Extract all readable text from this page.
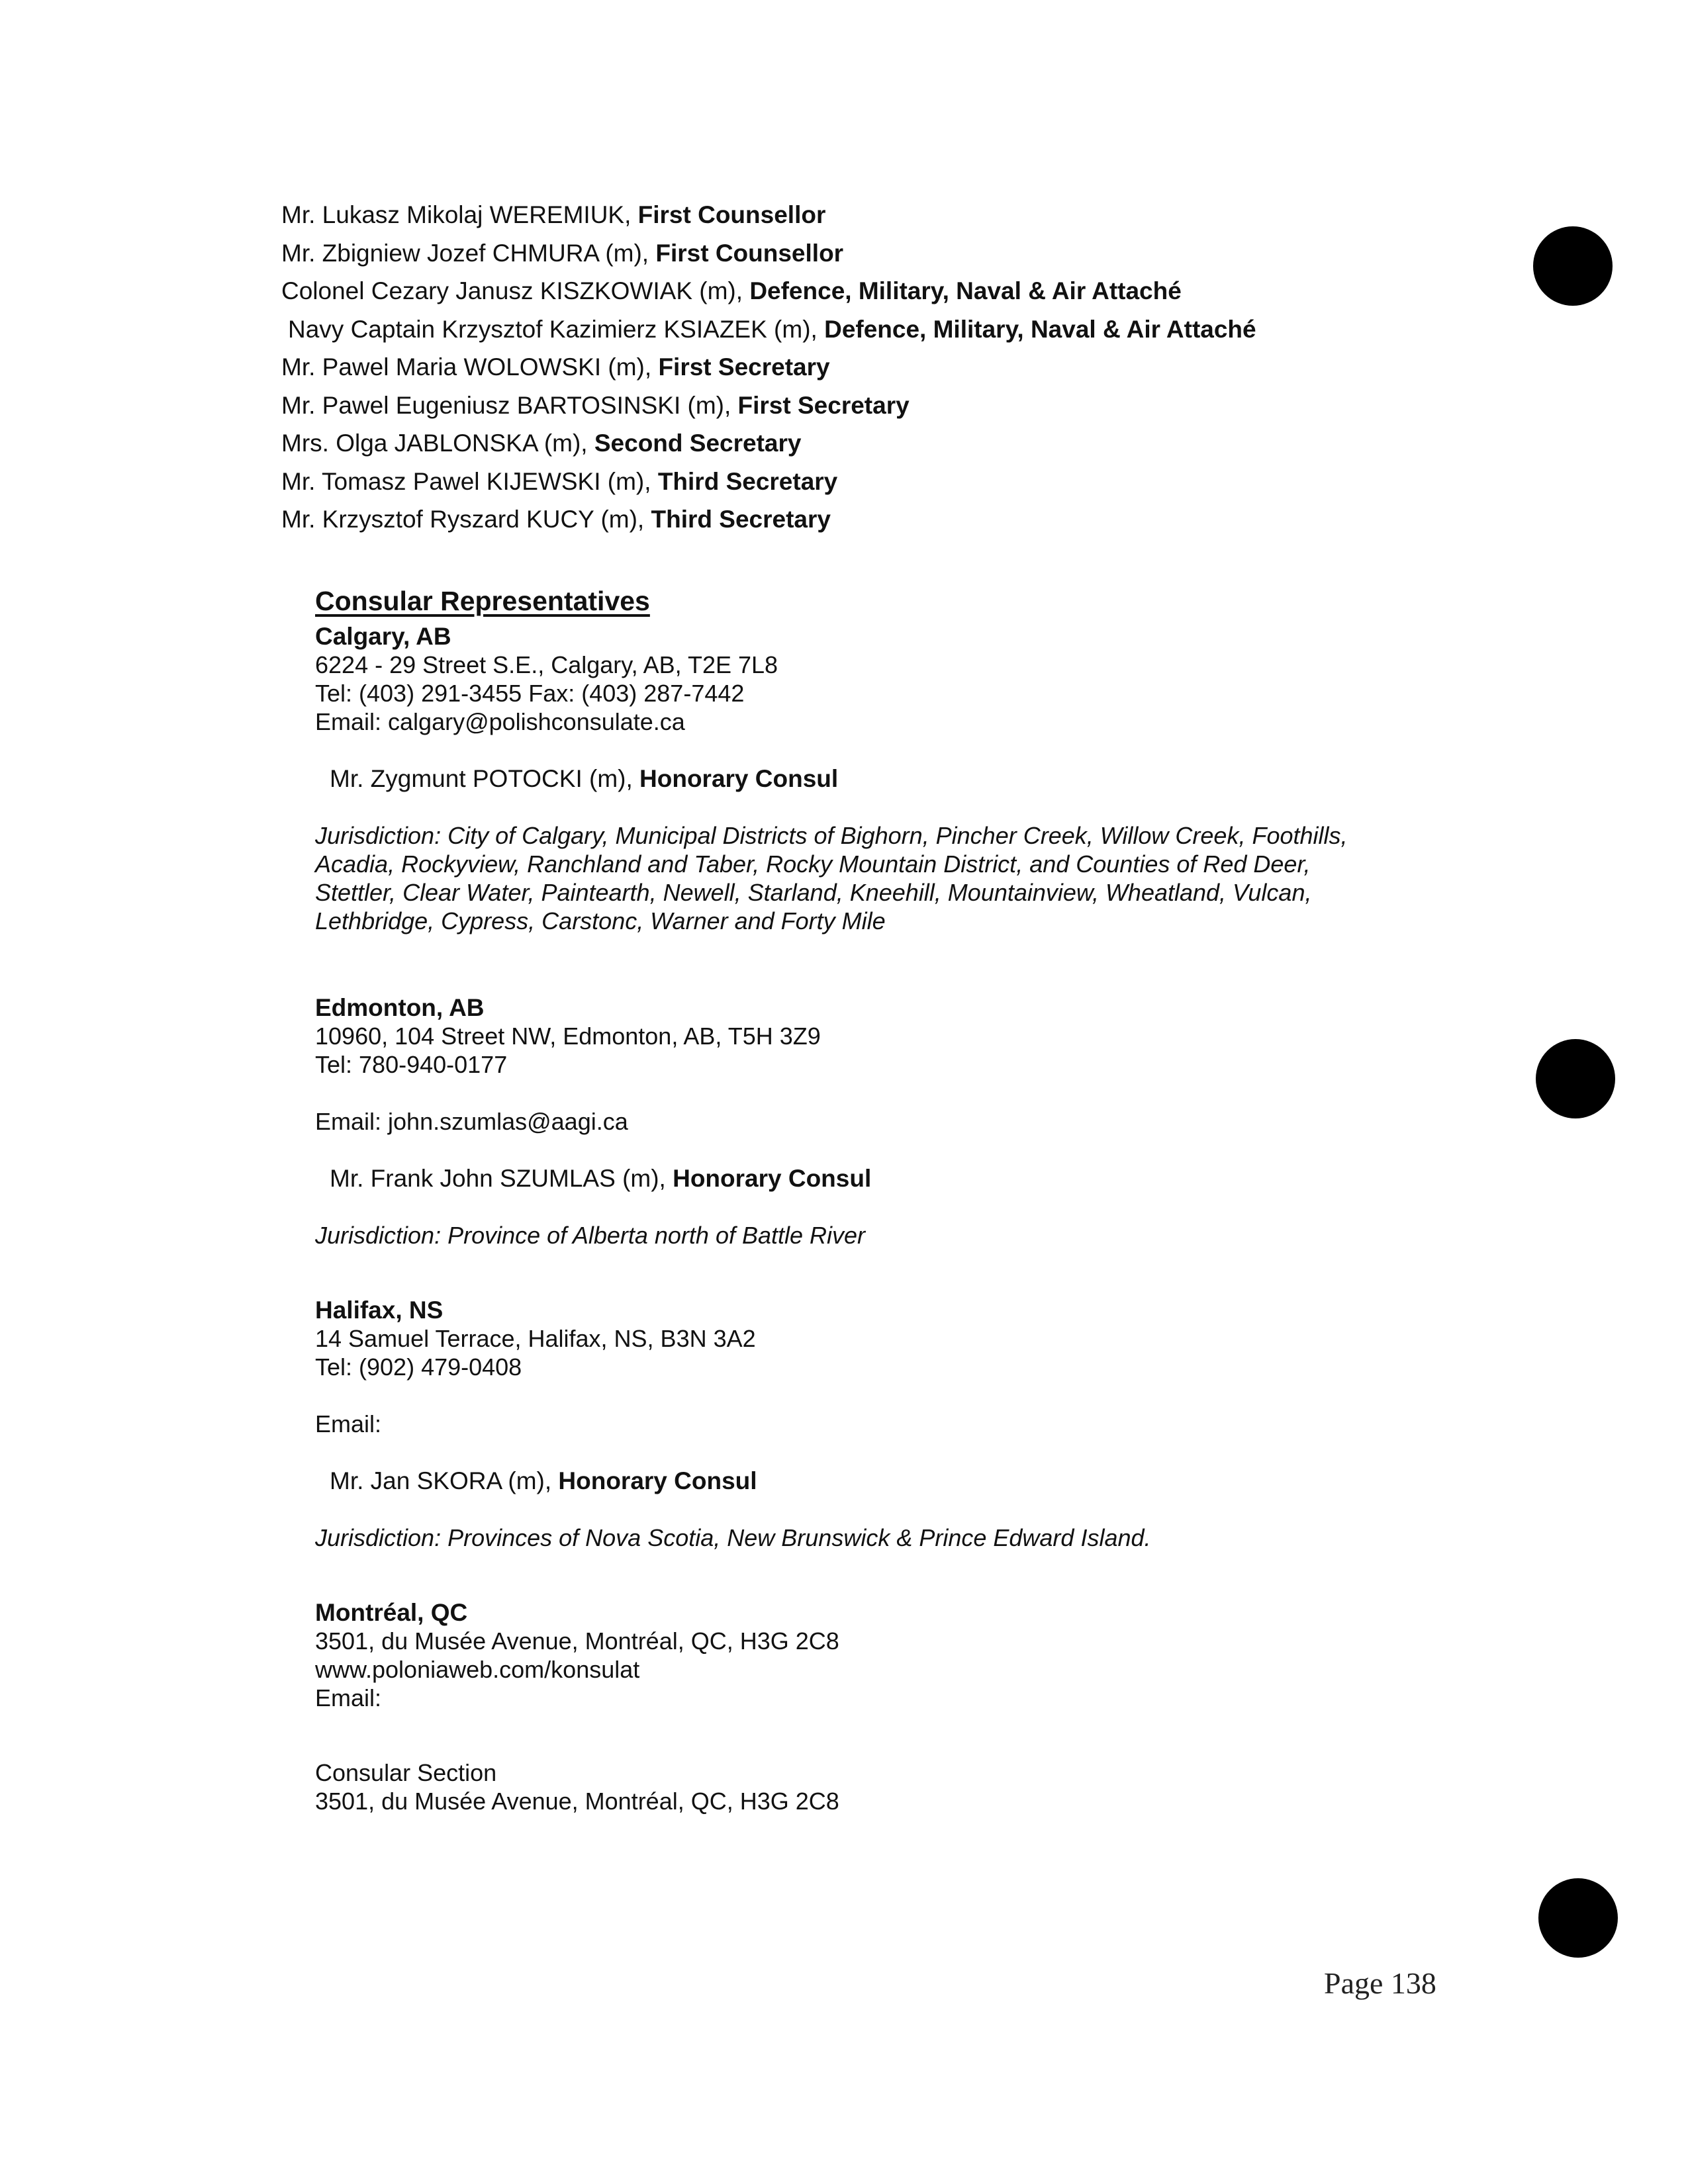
Mr. Lukasz Mikolaj WEREMIUK, First Counsellor
Mr. Zbigniew Jozef CHMURA (m), First Counsellor
Colonel Cezary Janusz KISZKOWIAK (m), Defence, Military, Naval & Air Attaché
Navy Captain Krzysztof Kazimierz KSIAZEK (m), Defence, Military, Naval & Air Attaché
Mr. Pawel Maria WOLOWSKI (m), First Secretary
Mr. Pawel Eugeniusz BARTOSINSKI (m), First Secretary
Mrs. Olga JABLONSKA (m), Second Secretary
Mr. Tomasz Pawel KIJEWSKI (m), Third Secretary
Mr. Krzysztof Ryszard KUCY (m), Third Secretary
Consular Representatives
Calgary, AB
6224 - 29 Street S.E., Calgary, AB, T2E 7L8
Tel: (403) 291-3455 Fax: (403) 287-7442
Email: calgary@polishconsulate.ca
Mr. Zygmunt POTOCKI (m), Honorary Consul
Jurisdiction: City of Calgary, Municipal Districts of Bighorn, Pincher Creek, Willow Creek, Foothills, Acadia, Rockyview, Ranchland and Taber, Rocky Mountain District, and Counties of Red Deer, Stettler, Clear Water, Paintearth, Newell, Starland, Kneehill, Mountainview, Wheatland, Vulcan, Lethbridge, Cypress, Carstonc, Warner and Forty Mile
Edmonton, AB
10960, 104 Street NW, Edmonton, AB, T5H 3Z9
Tel: 780-940-0177
Email: john.szumlas@aagi.ca
Mr. Frank John SZUMLAS (m), Honorary Consul
Jurisdiction: Province of Alberta north of Battle River
Halifax, NS
14 Samuel Terrace, Halifax, NS, B3N 3A2
Tel: (902) 479-0408
Email:
Mr. Jan SKORA (m), Honorary Consul
Jurisdiction: Provinces of Nova Scotia, New Brunswick & Prince Edward Island.
Montréal, QC
3501, du Musée Avenue, Montréal, QC, H3G 2C8
www.poloniaweb.com/konsulat
Email:
Consular Section
3501, du Musée Avenue, Montréal, QC, H3G 2C8
Page 138
